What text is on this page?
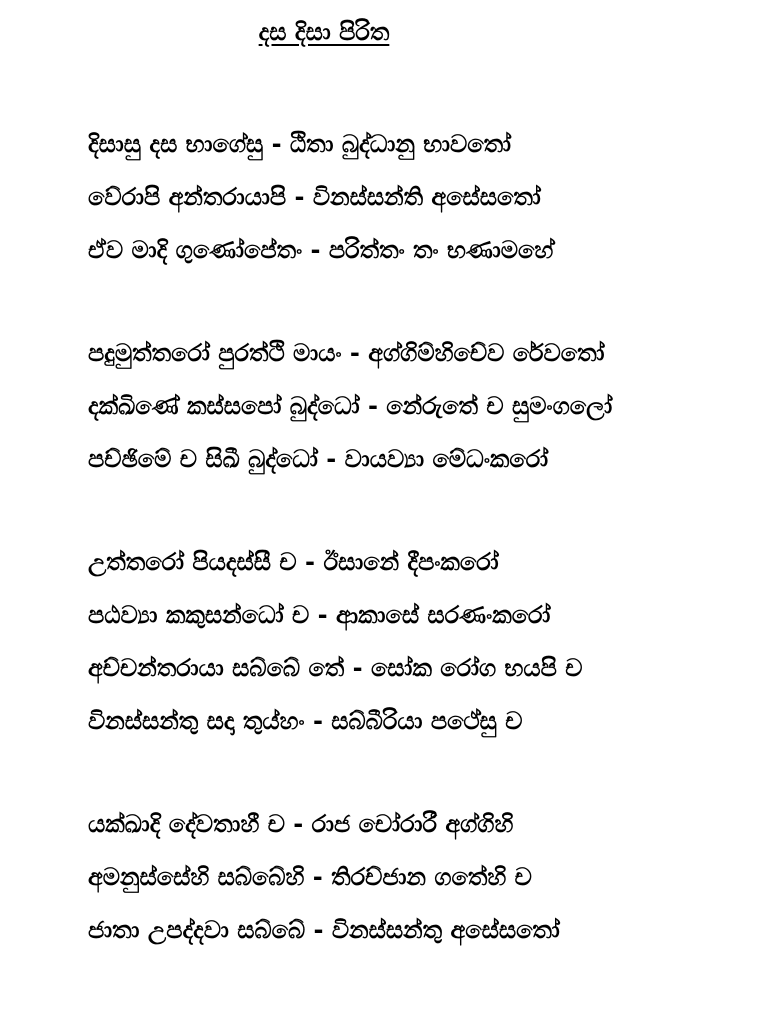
දස දිසා පිරිත
දිසාසු දස භාගේසු - ඨිතා බුද්ධානු භාවතෝ
වේරාපි අන්තරායාපි - විනස්සන්ති අසේසතෝ
ඒව මාදි ගුණෝපේතං - පරිත්තං තං භණාමහේ
පදුමුත්තරෝ පුරත්ථි මායං - අග්ගිම්හිචේව රේවතෝ
දක්ඛිණේ කස්සපෝ බුද්ධෝ - නේරුතේ ච සුමංගලෝ
පච්ඡිමේ ච සිඛී බුද්ධෝ - වායව්‍යා මේධංකරෝ
උත්තරෝ පියදස්සී ච - ඊසානේ දීපංකරෝ
පඨව්‍යා කකුසන්ධෝ ච - ආකාසේ සරණංකරෝ
අච්චන්තරායා සබ්බේ තේ - සෝක රෝග භයපි ච
විනස්සන්තු සදා තුය්හං - සබ්බීරියා පථේසු ච
යක්ඛාදි දේවතාහී ච - රාජ චෝරාරී අග්ගිහි
අමනුස්සේහි සබ්බේහි - තිරච්ජාන ගතේහි ච
ජාතා උපද්දවා සබ්බේ - විනස්සන්තු අසේසතෝ
